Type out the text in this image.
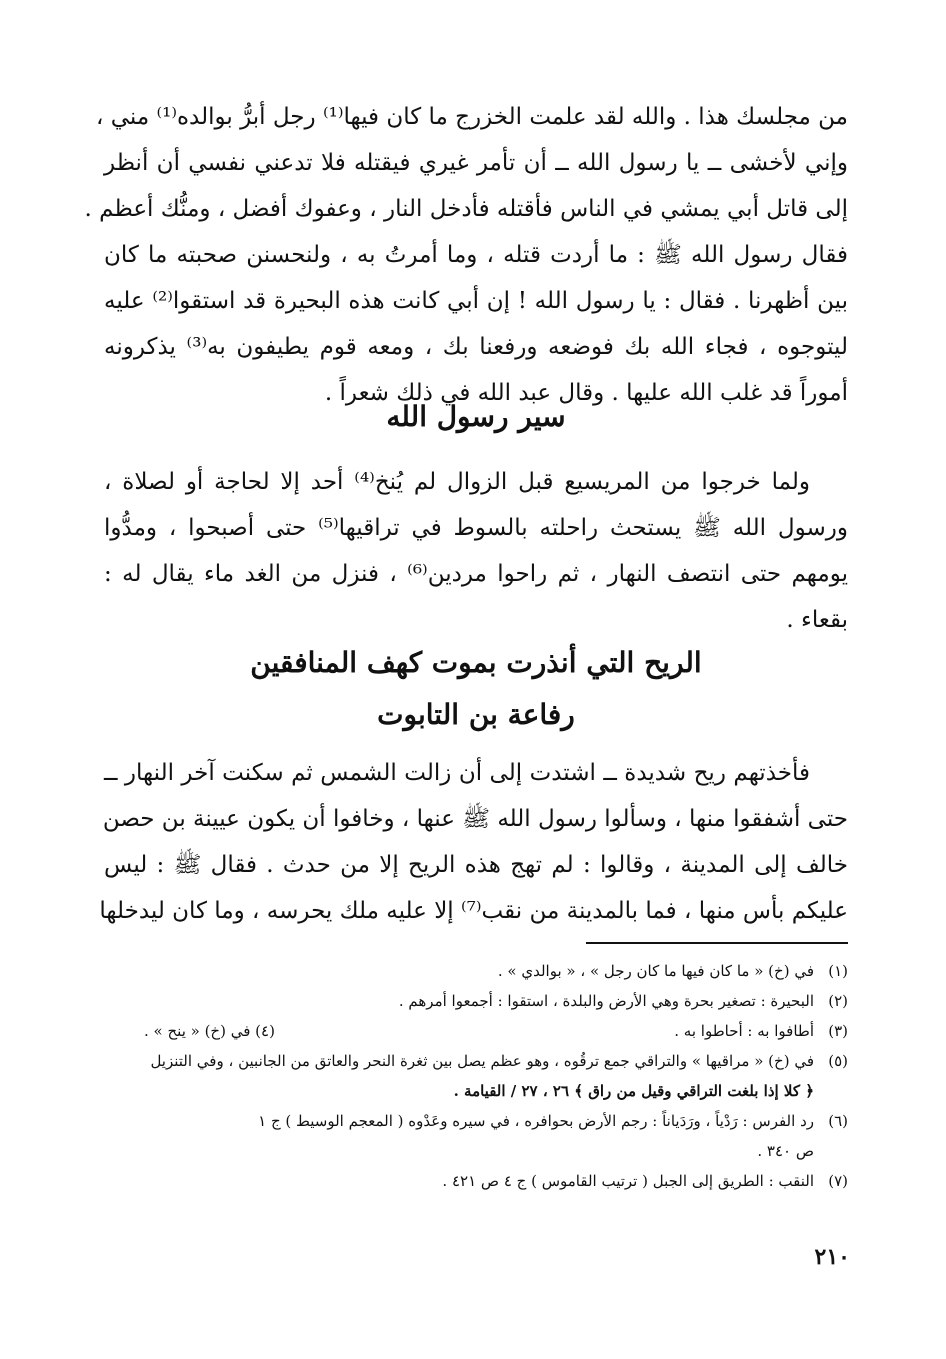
من مجلسك هذا . والله لقد علمت الخزرج ما كان فيها⁽¹⁾ رجل أبرُّ بوالده⁽¹⁾ مني ،

وإني لأخشى ــ يا رسول الله ــ أن تأمر غيري فيقتله فلا تدعني نفسي أن أنظر

إلى قاتل أبي يمشي في الناس فأقتله فأدخل النار ، وعفوك أفضل ، ومنُّك أعظم .

فقال رسول الله ﷺ : ما أردت قتله ، وما أمرتُ به ، ولنحسنن صحبته ما كان

بين أظهرنا . فقال : يا رسول الله ! إن أبي كانت هذه البحيرة قد استقوا⁽²⁾ عليه

ليتوجوه ، فجاء الله بك فوضعه ورفعنا بك ، ومعه قوم يطيفون به⁽³⁾ يذكرونه

أموراً قد غلب الله عليها . وقال عبد الله في ذلك شعراً .

سير رسول الله

ولما خرجوا من المريسيع قبل الزوال لم يُنخ⁽⁴⁾ أحد إلا لحاجة أو لصلاة ،

ورسول الله ﷺ يستحث راحلته بالسوط في تراقيها⁽⁵⁾ حتى أصبحوا ، ومدُّوا

يومهم حتى انتصف النهار ، ثم راحوا مردين⁽⁶⁾ ، فنزل من الغد ماء يقال له :

بقعاء .

الريح التي أنذرت بموت كهف المنافقين
رفاعة بن التابوت

فأخذتهم ريح شديدة ــ اشتدت إلى أن زالت الشمس ثم سكنت آخر النهار ــ

حتى أشفقوا منها ، وسألوا رسول الله ﷺ عنها ، وخافوا أن يكون عيينة بن حصن

خالف إلى المدينة ، وقالوا : لم تهج هذه الريح إلا من حدث . فقال ﷺ : ليس

عليكم بأس منها ، فما بالمدينة من نقب⁽⁷⁾ إلا عليه ملك يحرسه ، وما كان ليدخلها

(١)
في (خ) « ما كان فيها ما كان رجل » ، « بوالدي » .
(٢)
البحيرة : تصغير بحرة وهي الأرض والبلدة ، استقوا : أجمعوا أمرهم .
(٣)
أطافوا به : أحاطوا به .
(٤) في (خ) « ينح » .
(٥)
في (خ) « مراقيها » والتراقي جمع ترقُوه ، وهو عظم يصل بين ثغرة النحر والعاتق من الجانبين ، وفي التنزيل
﴿ كلا إذا بلغت التراقي وقيل من راق ﴾ ٢٦ ، ٢٧ / القيامة .
(٦)
رد الفرس : رَدْياً ، ورَدَياناً : رجم الأرض بحوافره ، في سيره وعَدْوه ( المعجم الوسيط ) ج ١
ص ٣٤٠ .
(٧)
النقب : الطريق إلى الجبل ( ترتيب القاموس ) ج ٤ ص ٤٢١ .
٢١٠
